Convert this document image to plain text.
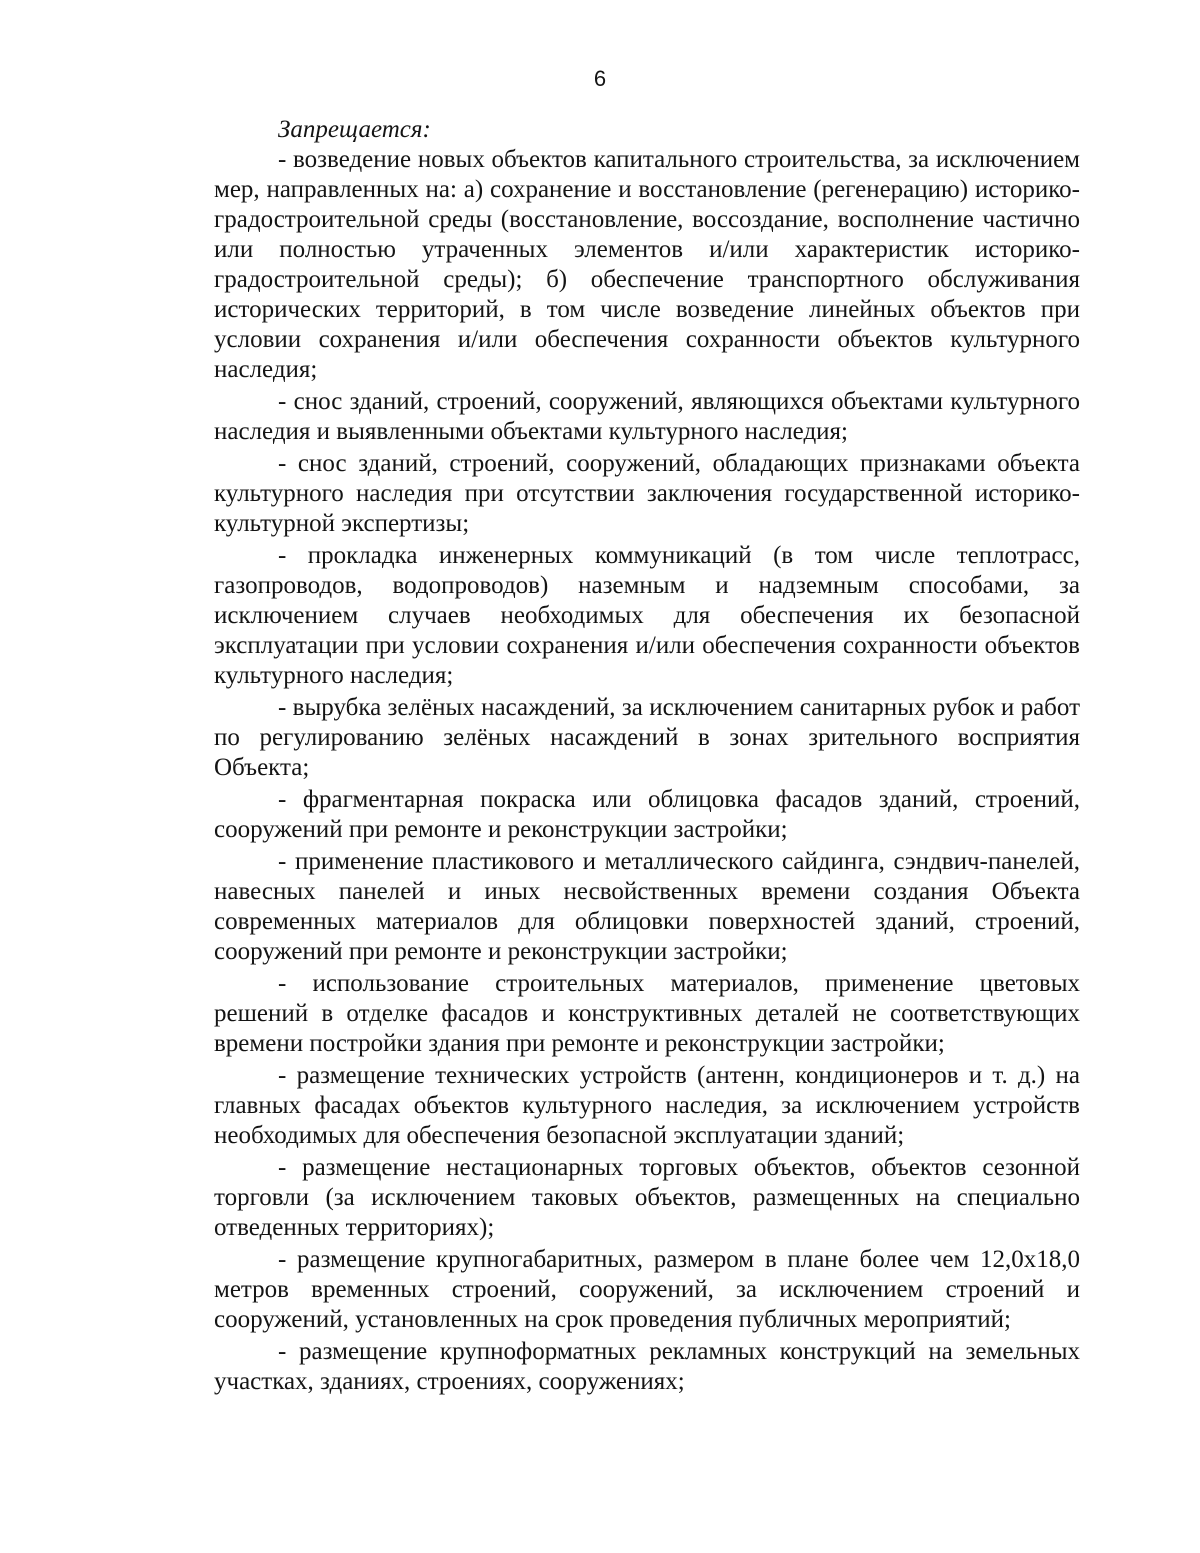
6

Запрещается:

- возведение новых объектов капитального строительства, за исключением мер, направленных на: а) сохранение и восстановление (регенерацию) историко-градостроительной среды (восстановление, воссоздание, восполнение частично или полностью утраченных элементов и/или характеристик историко-градостроительной среды); б) обеспечение транспортного обслуживания исторических территорий, в том числе возведение линейных объектов при условии сохранения и/или обеспечения сохранности объектов культурного наследия;

- снос зданий, строений, сооружений, являющихся объектами культурного наследия и выявленными объектами культурного наследия;

- снос зданий, строений, сооружений, обладающих признаками объекта культурного наследия при отсутствии заключения государственной историко-культурной экспертизы;

- прокладка инженерных коммуникаций (в том числе теплотрасс, газопроводов, водопроводов) наземным и надземным способами, за исключением случаев необходимых для обеспечения их безопасной эксплуатации при условии сохранения и/или обеспечения сохранности объектов культурного наследия;

- вырубка зелёных насаждений, за исключением санитарных рубок и работ по регулированию зелёных насаждений в зонах зрительного восприятия Объекта;

- фрагментарная покраска или облицовка фасадов зданий, строений, сооружений при ремонте и реконструкции застройки;

- применение пластикового и металлического сайдинга, сэндвич-панелей, навесных панелей и иных несвойственных времени создания Объекта современных материалов для облицовки поверхностей зданий, строений, сооружений при ремонте и реконструкции застройки;

- использование строительных материалов, применение цветовых решений в отделке фасадов и конструктивных деталей не соответствующих времени постройки здания при ремонте и реконструкции застройки;

- размещение технических устройств (антенн, кондиционеров и т. д.) на главных фасадах объектов культурного наследия, за исключением устройств необходимых для обеспечения безопасной эксплуатации зданий;

- размещение нестационарных торговых объектов, объектов сезонной торговли (за исключением таковых объектов, размещенных на специально отведенных территориях);

- размещение крупногабаритных, размером в плане более чем 12,0x18,0 метров временных строений, сооружений, за исключением строений и сооружений, установленных на срок проведения публичных мероприятий;

- размещение крупноформатных рекламных конструкций на земельных участках, зданиях, строениях, сооружениях;
